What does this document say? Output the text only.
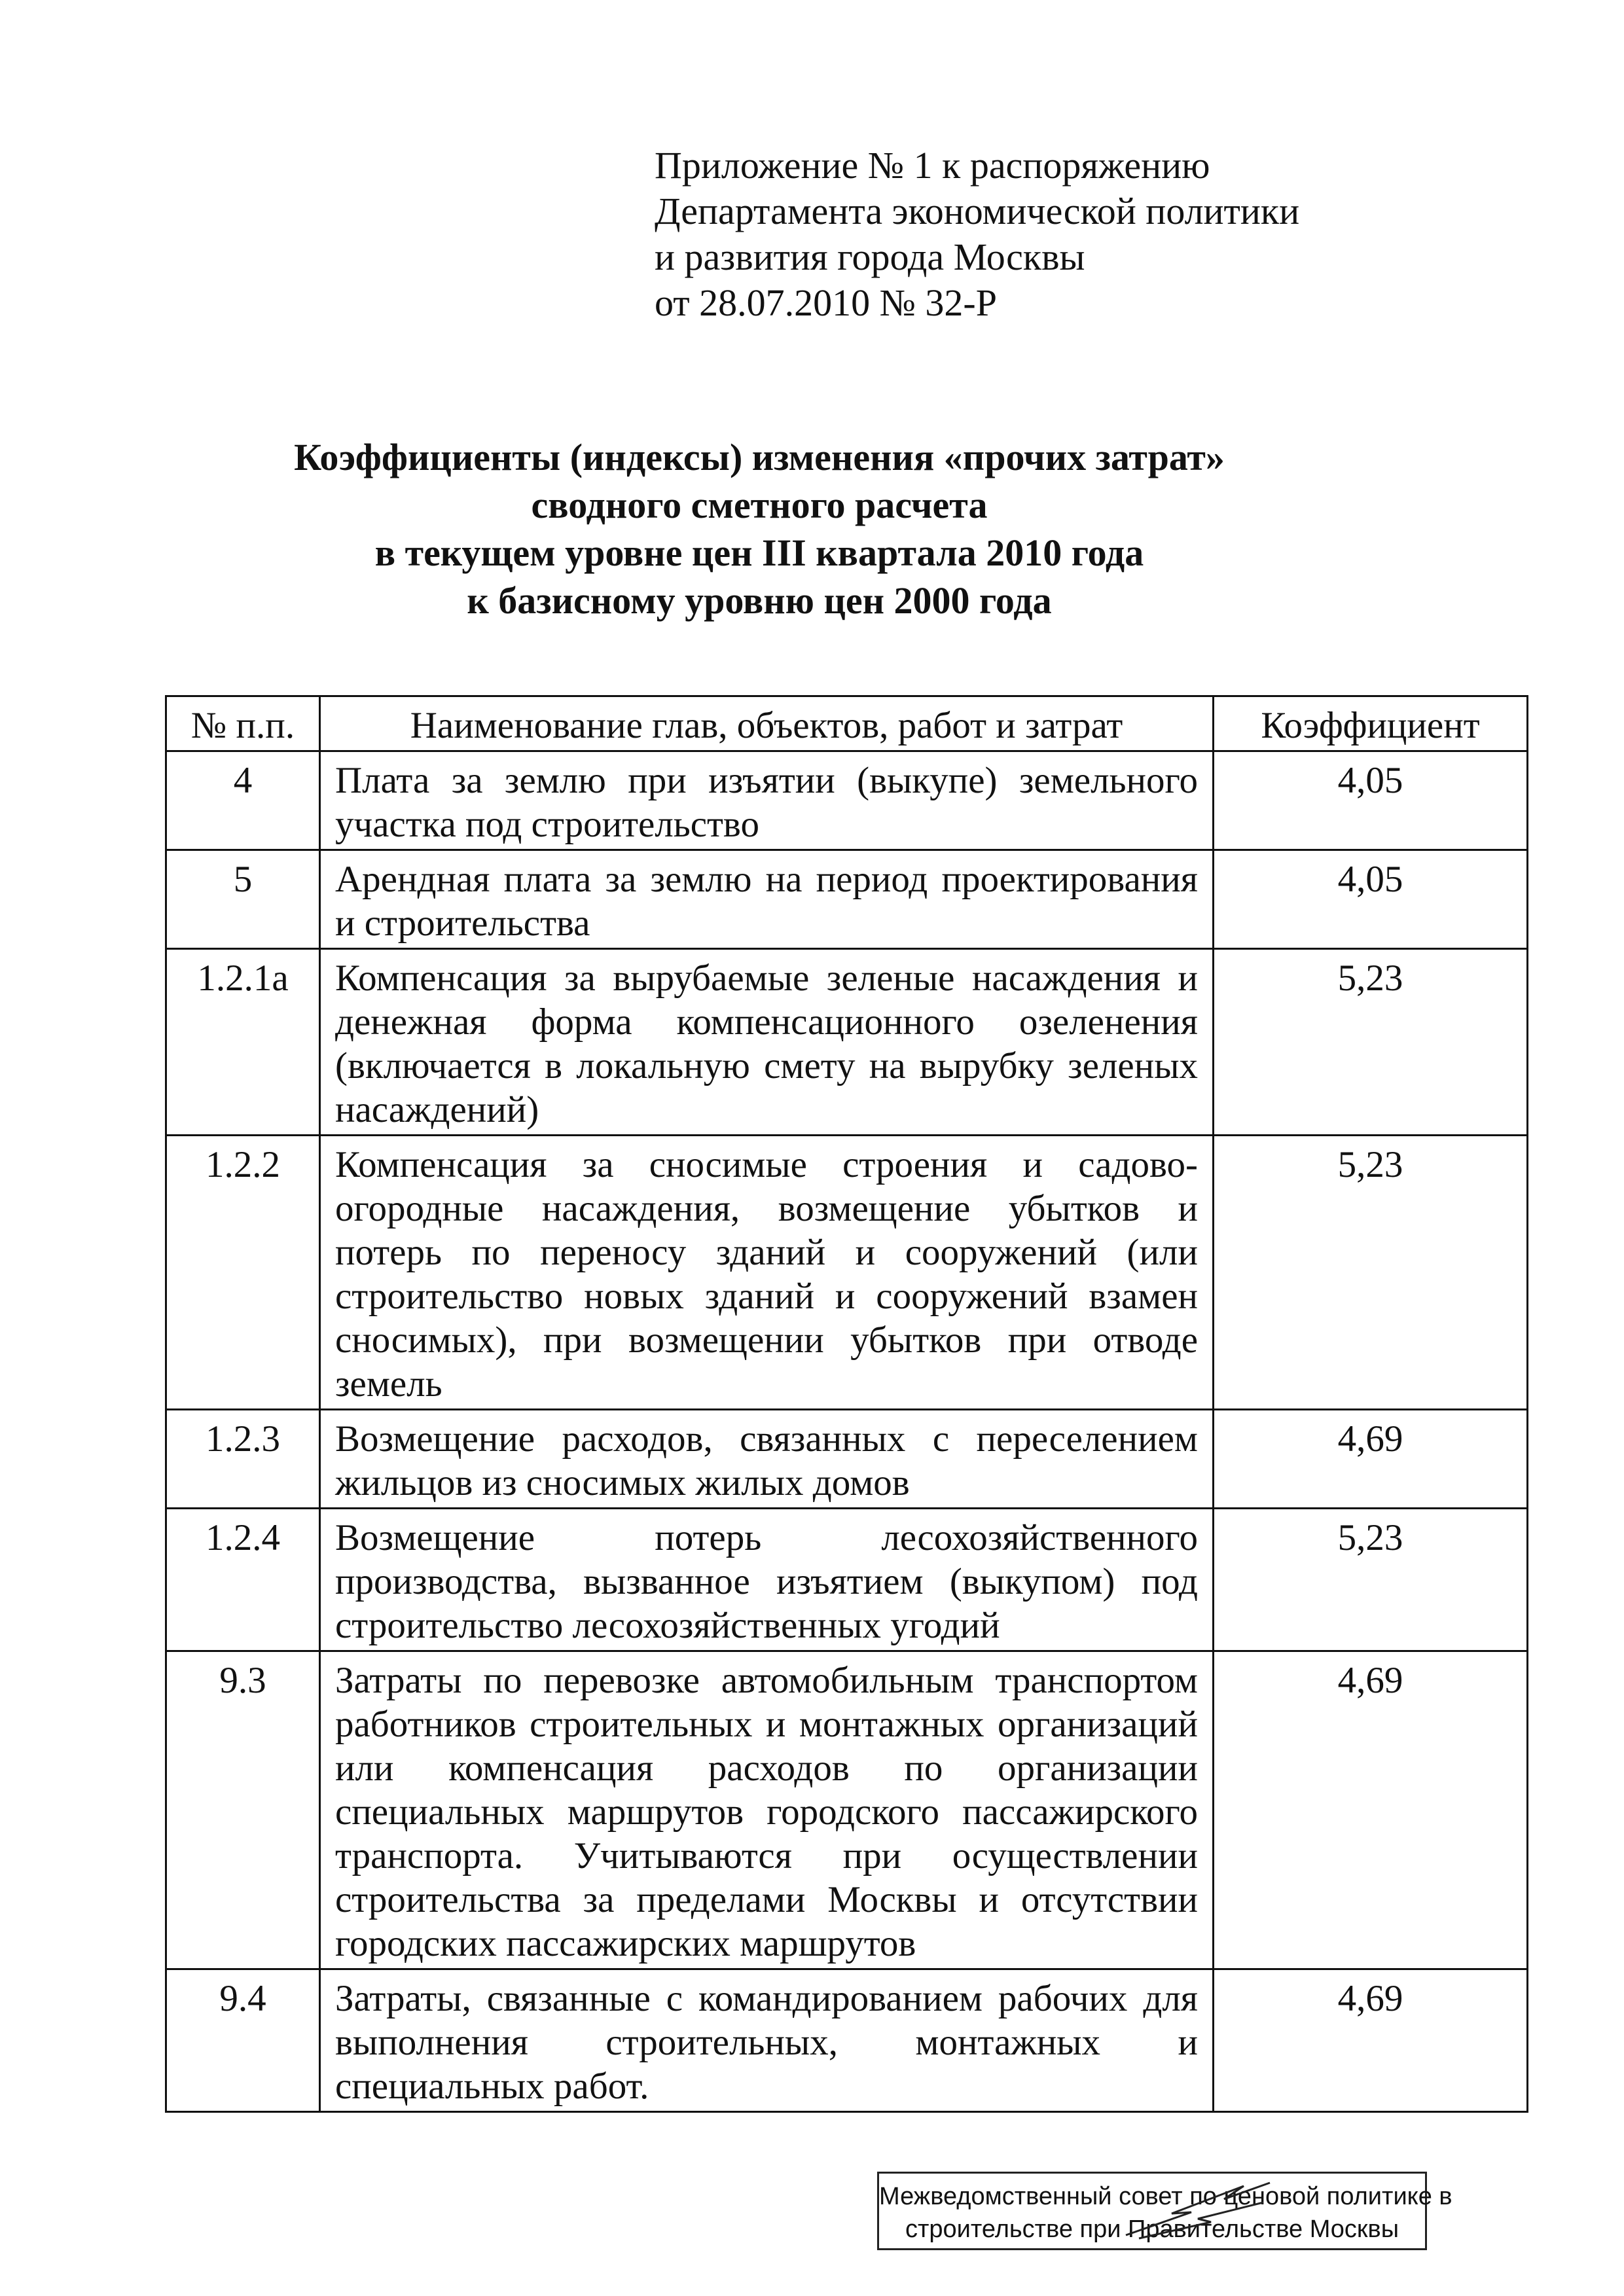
Приложение № 1 к распоряжению
Департамента экономической политики
и развития города Москвы
от 28.07.2010 № 32-Р
Коэффициенты (индексы) изменения «прочих затрат»
сводного сметного расчета
в текущем уровне цен III квартала 2010 года
к базисному уровню цен 2000 года
№ п.п.	Наименование глав, объектов, работ и затрат	Коэффициент
4	Плата за землю при изъятии (выкупе) земельного участка под строительство	4,05
5	Арендная плата за землю на период проектирования и строительства	4,05
1.2.1а	Компенсация за вырубаемые зеленые насаждения и денежная форма компенсационного озеленения (включается в локальную смету на вырубку зеленых насаждений)	5,23
1.2.2	Компенсация за сносимые строения и садово-огородные насаждения, возмещение убытков и потерь по переносу зданий и сооружений (или строительство новых зданий и сооружений взамен сносимых), при возмещении убытков при отводе земель	5,23
1.2.3	Возмещение расходов, связанных с переселением жильцов из сносимых жилых домов	4,69
1.2.4	Возмещение потерь лесохозяйственного производства, вызванное изъятием (выкупом) под строительство лесохозяйственных угодий	5,23
9.3	Затраты по перевозке автомобильным транспортом работников строительных и монтажных организаций или компенсация расходов по организации специальных маршрутов городского пассажирского транспорта. Учитываются при осуществлении строительства за пределами Москвы и отсутствии городских пассажирских маршрутов	4,69
9.4	Затраты, связанные с командированием рабочих для выполнения строительных, монтажных и специальных работ.	4,69
Межведомственный совет по ценовой политике в
строительстве при Правительстве Москвы
